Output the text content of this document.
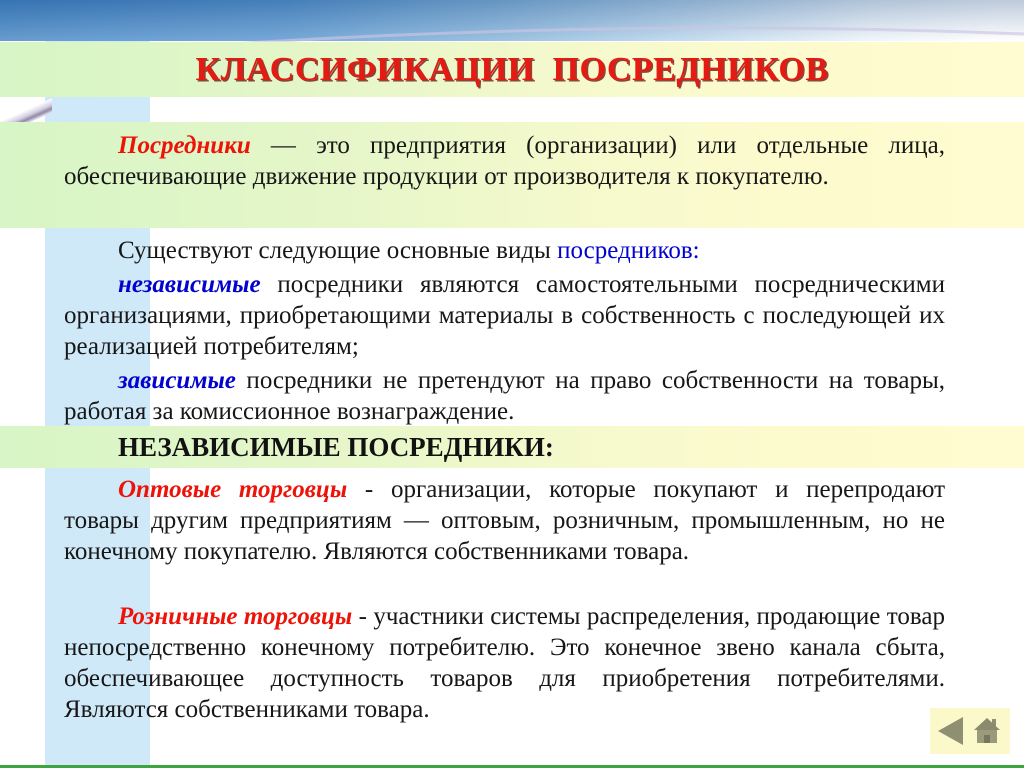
КЛАССИФИКАЦИИ  ПОСРЕДНИКОВ

Посредники — это предприятия (организации) или отдельные лица, обеспечивающие движение продукции от производителя к покупателю.

Существуют следующие основные виды посредников:

независимые посредники являются самостоятельными посредническими организациями, приобретающими материалы в собственность с последующей их реализацией потребителям;

зависимые посредники не претендуют на право собственности на товары, работая за комиссионное вознаграждение.

НЕЗАВИСИМЫЕ ПОСРЕДНИКИ:

Оптовые торговцы - организации, которые покупают и перепродают товары другим предприятиям — оптовым, розничным, промышленным, но не конечному покупателю. Являются собственниками товара.

Розничные торговцы - участники системы распределения, продающие товар непосредственно конечному потребителю. Это конечное звено канала сбыта, обеспечивающее доступность товаров для приобретения потребителями. Являются собственниками товара.
